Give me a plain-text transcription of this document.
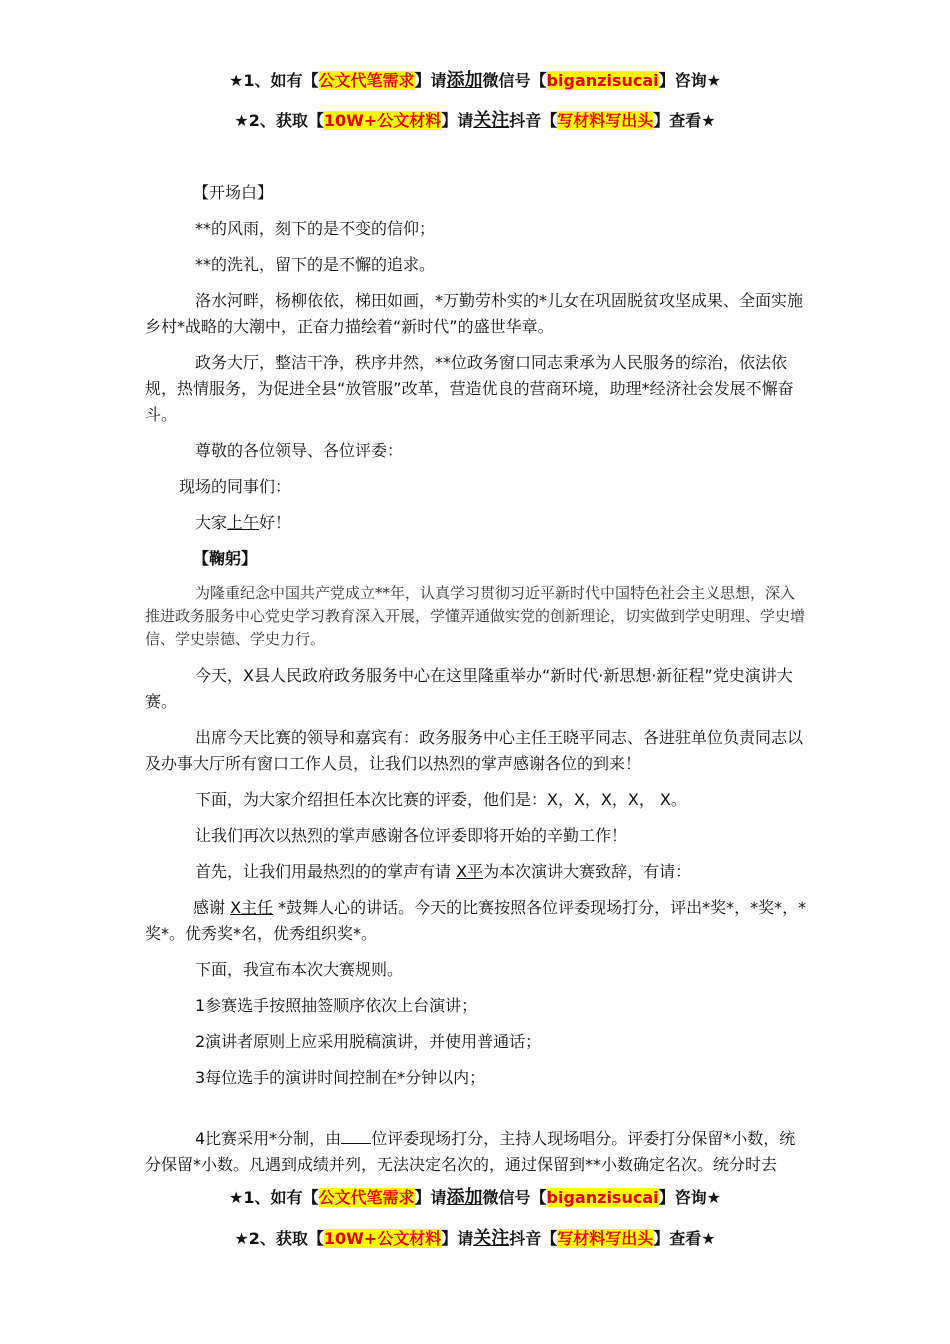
★1、如有【公文代笔需求】请添加微信号【biganzisucai】咨询★
★2、获取【10W+公文材料】请关注抖音【写材料写出头】查看★

【开场白】

**的风雨，刻下的是不变的信仰；

**的洗礼，留下的是不懈的追求。

洛水河畔，杨柳依依，梯田如画，*万勤劳朴实的*儿女在巩固脱贫攻坚成果、全面实施乡村*战略的大潮中，正奋力描绘着“新时代”的盛世华章。

政务大厅，整洁干净，秩序井然，**位政务窗口同志秉承为人民服务的综治，依法依规，热情服务，为促进全县“放管服”改革，营造优良的营商环境，助理*经济社会发展不懈奋斗。

尊敬的各位领导、各位评委：

现场的同事们：

大家上午好！

【鞠躬】

为隆重纪念中国共产党成立**年，认真学习贯彻习近平新时代中国特色社会主义思想，深入推进政务服务中心党史学习教育深入开展，学懂弄通做实党的创新理论，切实做到学史明理、学史增信、学史崇德、学史力行。

今天，X县人民政府政务服务中心在这里隆重举办“新时代·新思想·新征程”党史演讲大赛。

出席今天比赛的领导和嘉宾有：政务服务中心主任王晓平同志、各进驻单位负责同志以及办事大厅所有窗口工作人员，让我们以热烈的掌声感谢各位的到来！

下面，为大家介绍担任本次比赛的评委，他们是：X，X，X，X， X。

让我们再次以热烈的掌声感谢各位评委即将开始的辛勤工作！

首先，让我们用最热烈的的掌声有请 X平为本次演讲大赛致辞，有请：

感谢 X主任 *鼓舞人心的讲话。今天的比赛按照各位评委现场打分，评出*奖*，*奖*，*奖*。优秀奖*名，优秀组织奖*。

下面，我宣布本次大赛规则。

1参赛选手按照抽签顺序依次上台演讲；

2演讲者原则上应采用脱稿演讲，并使用普通话；

3每位选手的演讲时间控制在*分钟以内；

4比赛采用*分制，由 位评委现场打分，主持人现场唱分。评委打分保留*小数，统分保留*小数。凡遇到成绩并列，无法决定名次的，通过保留到**小数确定名次。统分时去

★1、如有【公文代笔需求】请添加微信号【biganzisucai】咨询★
★2、获取【10W+公文材料】请关注抖音【写材料写出头】查看★
